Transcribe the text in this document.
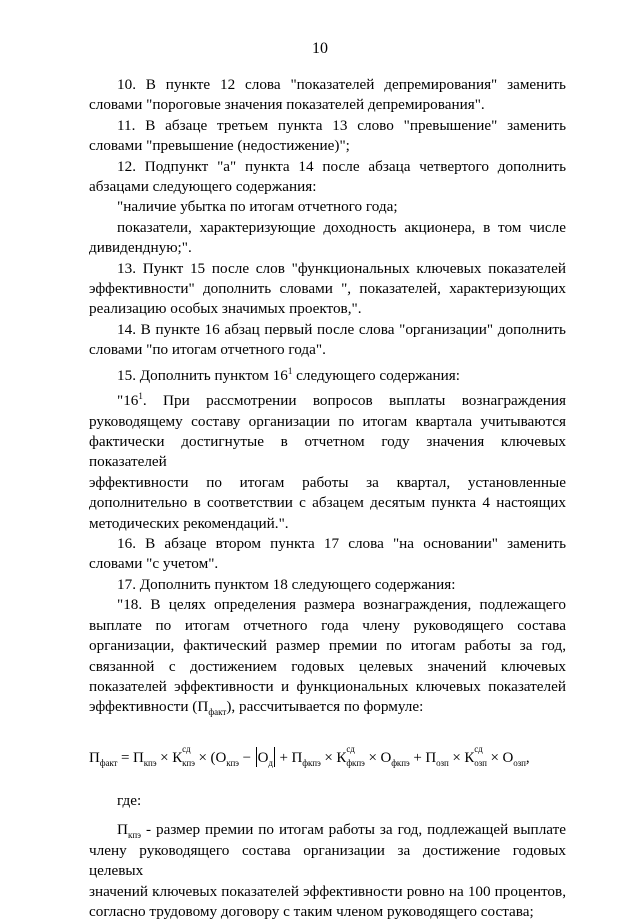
10

10. В пункте 12 слова "показателей депремирования" заменить

словами "пороговые значения показателей депремирования".

11. В абзаце третьем пункта 13 слово "превышение" заменить

словами "превышение (недостижение)";

12. Подпункт "а" пункта 14 после абзаца четвертого дополнить

абзацами следующего содержания:

"наличие убытка по итогам отчетного года;

показатели, характеризующие доходность акционера, в том числе

дивидендную;".

13. Пункт 15 после слов "функциональных ключевых показателей

эффективности" дополнить словами ", показателей, характеризующих

реализацию особых значимых проектов,".

14. В пункте 16 абзац первый после слова "организации" дополнить

словами "по итогам отчетного года".

15. Дополнить пунктом $16^1$ следующего содержания:

"$16^1$. При рассмотрении вопросов выплаты вознаграждения

руководящему составу организации по итогам квартала учитываются

фактически достигнутые в отчетном году значения ключевых показателей

эффективности по итогам работы за квартал, установленные

дополнительно в соответствии с абзацем десятым пункта 4 настоящих

методических рекомендаций.".

16. В абзаце втором пункта 17 слова "на основании" заменить

словами "с учетом".

17. Дополнить пунктом 18 следующего содержания:

"18. В целях определения размера вознаграждения, подлежащего

выплате по итогам отчетного года члену руководящего состава

организации, фактический размер премии по итогам работы за год,

связанной с достижением годовых целевых значений ключевых

показателей эффективности и функциональных ключевых показателей

эффективности $(П_{факт})$, рассчитывается по формуле:

$П_{факт} = П_{кпэ} \times К$
сд
$_{кпэ} \times (О_{кпэ} - О_д + П_{фкпэ} \times К$
сд
$_{фкпэ} \times О_{фкпэ} + П_{озп} \times К$
сд
$_{озп} \times О_{озп}$,

где:

$П_{кпэ}$ - размер премии по итогам работы за год, подлежащей выплате

члену руководящего состава организации за достижение годовых целевых

значений ключевых показателей эффективности ровно на 100 процентов,

согласно трудовому договору с таким членом руководящего состава;
